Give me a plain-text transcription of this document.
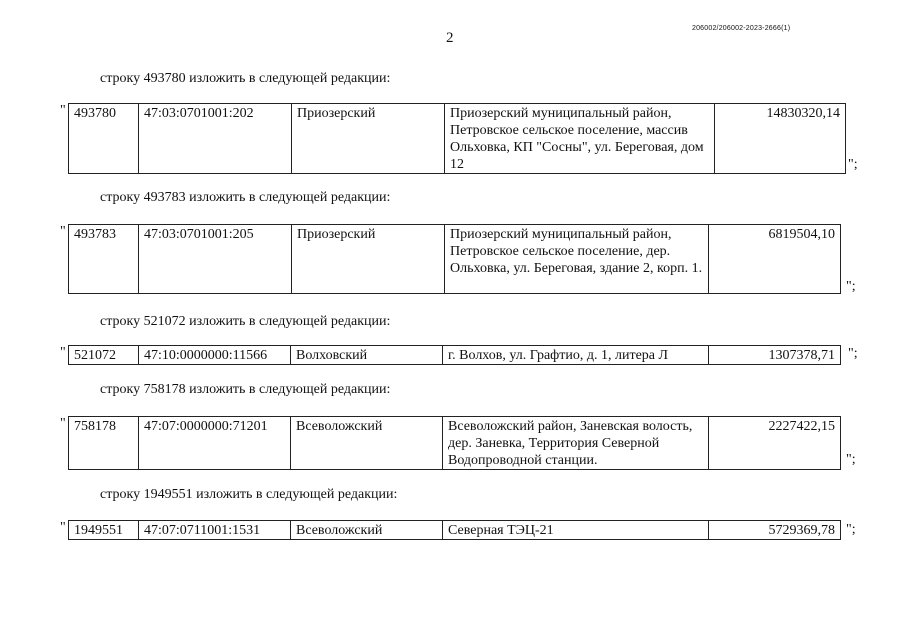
2
206002/206002-2023-2666(1)
строку 493780 изложить в следующей редакции:
" 493780	47:03:0701001:202	Приозерский	Приозерский муниципальный район, Петровское сельское поселение, массив Ольховка, КП "Сосны", ул. Береговая, дом 12	14830320,14
";
строку 493783 изложить в следующей редакции:
" 493783	47:03:0701001:205	Приозерский	Приозерский муниципальный район, Петровское сельское поселение, дер. Ольховка, ул. Береговая, здание 2, корп. 1.	6819504,10
";
строку 521072 изложить в следующей редакции:
" 521072	47:10:0000000:11566	Волховский	г. Волхов, ул. Графтио, д. 1, литера Л	1307378,71 ";
строку 758178 изложить в следующей редакции:
" 758178	47:07:0000000:71201	Всеволожский	Всеволожский район, Заневская волость, дер. Заневка, Территория Северной Водопроводной станции.	2227422,15
";
строку 1949551 изложить в следующей редакции:
" 1949551	47:07:0711001:1531	Всеволожский	Северная ТЭЦ-21	5729369,78 ";
